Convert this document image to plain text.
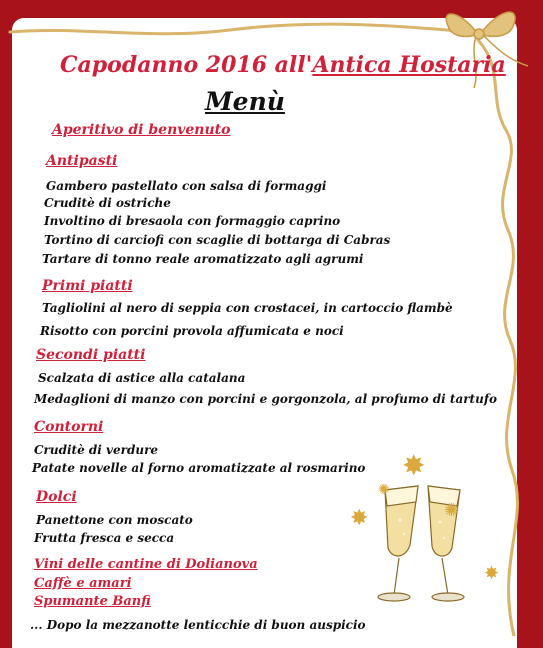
Capodanno 2016 all'Antica Hostaria
Menù
Aperitivo di benvenuto
Antipasti
Gambero pastellato con salsa di formaggi
Cruditè di ostriche
Involtino di bresaola con formaggio caprino
Tortino di carciofi con scaglie di bottarga di Cabras
Tartare di tonno reale aromatizzato agli agrumi
Primi piatti
Tagliolini al nero di seppia con crostacei, in cartoccio flambè
Risotto con porcini provola affumicata e noci
Secondi piatti
Scalzata di astice alla catalana
Medaglioni di manzo con porcini e gorgonzola, al profumo di tartufo
Contorni
Cruditè di verdure
Patate novelle al forno aromatizzate al rosmarino
Dolci
Panettone con moscato
Frutta fresca e secca
Vini delle cantine di Dolianova
Caffè e amari
Spumante Banfi
... Dopo la mezzanotte lenticchie di buon auspicio
✸
✺
✸	✺
✸
